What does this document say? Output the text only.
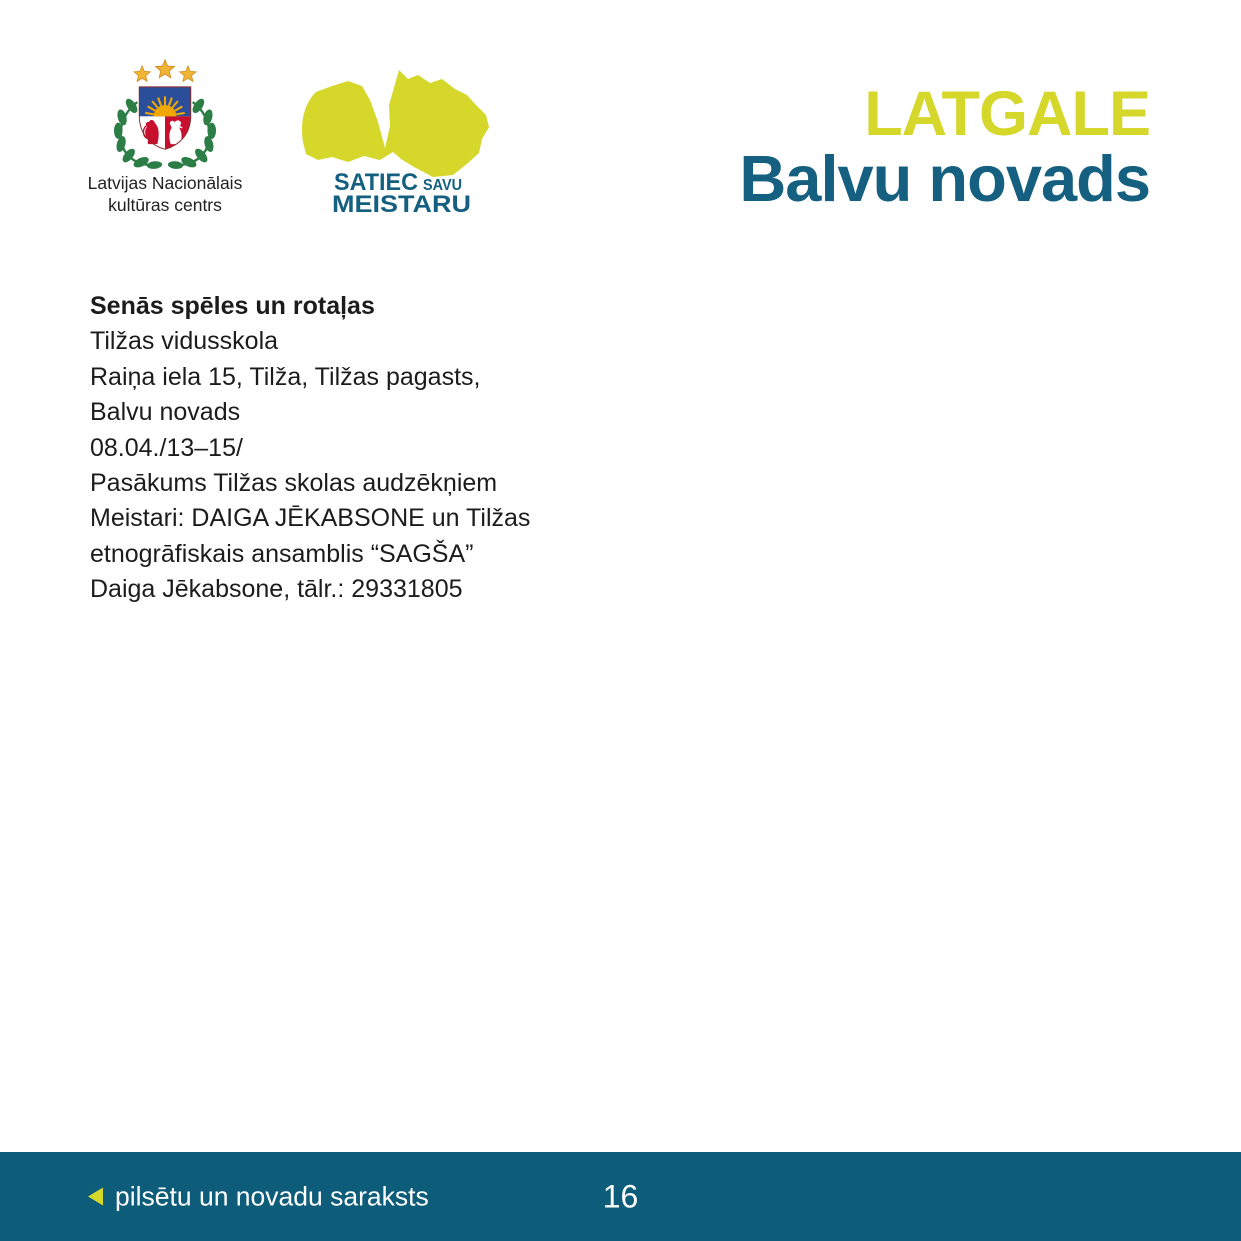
Latvijas Nacionālais
kultūras centrs
SATIEC SAVU
MEISTARU
LATGALE
Balvu novads

Senās spēles un rotaļas

Tilžas vidusskola

Raiņa iela 15, Tilža, Tilžas pagasts,

Balvu novads

08.04./13–15/

Pasākums Tilžas skolas audzēkņiem

Meistari: DAIGA JĒKABSONE un Tilžas

etnogrāfiskais ansamblis “SAGŠA”

Daiga Jēkabsone, tālr.: 29331805

pilsētu un novadu saraksts	16
